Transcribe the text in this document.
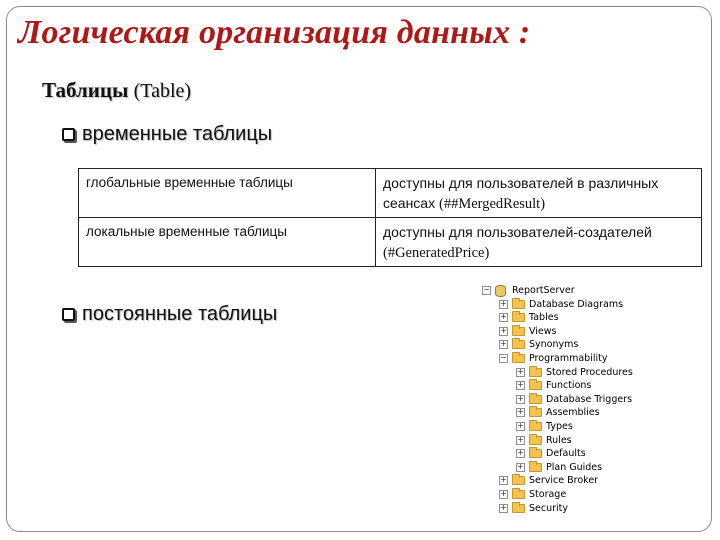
Логическая организация данных :
Таблицы (Table)
временные таблицы
глобальные временные таблицы	доступны для пользователей в различных сеансах (##MergedResult)
локальные временные таблицы	доступны для пользователей-создателей
(#GeneratedPrice)
постоянные таблицы
−
ReportServer
+
Database Diagrams
+
Tables
+
Views
+
Synonyms
−
Programmability
+
Stored Procedures
+
Functions
+
Database Triggers
+
Assemblies
+
Types
+
Rules
+
Defaults
+
Plan Guides
+
Service Broker
+
Storage
+
Security
